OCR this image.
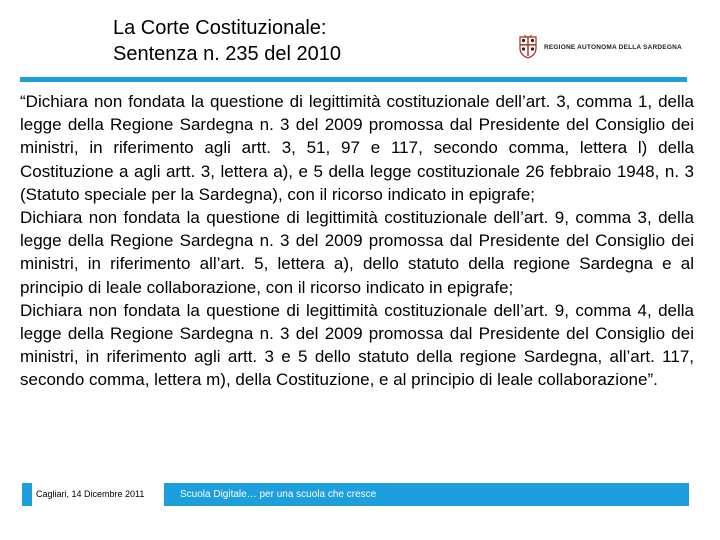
La Corte Costituzionale:
Sentenza n. 235 del 2010	REGIONE AUTONOMA DELLA SARDEGNA

“Dichiara non fondata la questione di legittimità costituzionale dell’art. 3, comma 1, della legge della Regione Sardegna n. 3 del 2009 promossa dal Presidente del Consiglio dei ministri, in riferimento agli artt. 3, 51, 97 e 117, secondo comma, lettera l) della Costituzione a agli artt. 3, lettera a), e 5 della legge costituzionale 26 febbraio 1948, n. 3 (Statuto speciale per la Sardegna), con il ricorso indicato in epigrafe;

Dichiara non fondata la questione di legittimità costituzionale dell’art. 9, comma 3, della legge della Regione Sardegna n. 3 del 2009 promossa dal Presidente del Consiglio dei ministri, in riferimento all’art. 5, lettera a), dello statuto della regione Sardegna e al principio di leale collaborazione, con il ricorso indicato in epigrafe;

Dichiara non fondata la questione di legittimità costituzionale dell’art. 9, comma 4, della legge della Regione Sardegna n. 3 del 2009 promossa dal Presidente del Consiglio dei ministri, in riferimento agli artt. 3 e 5 dello statuto della regione Sardegna, all’art. 117, secondo comma, lettera m), della Costituzione, e al principio di leale collaborazione”.

Cagliari, 14 Dicembre 2011	Scuola Digitale… per una scuola che cresce
